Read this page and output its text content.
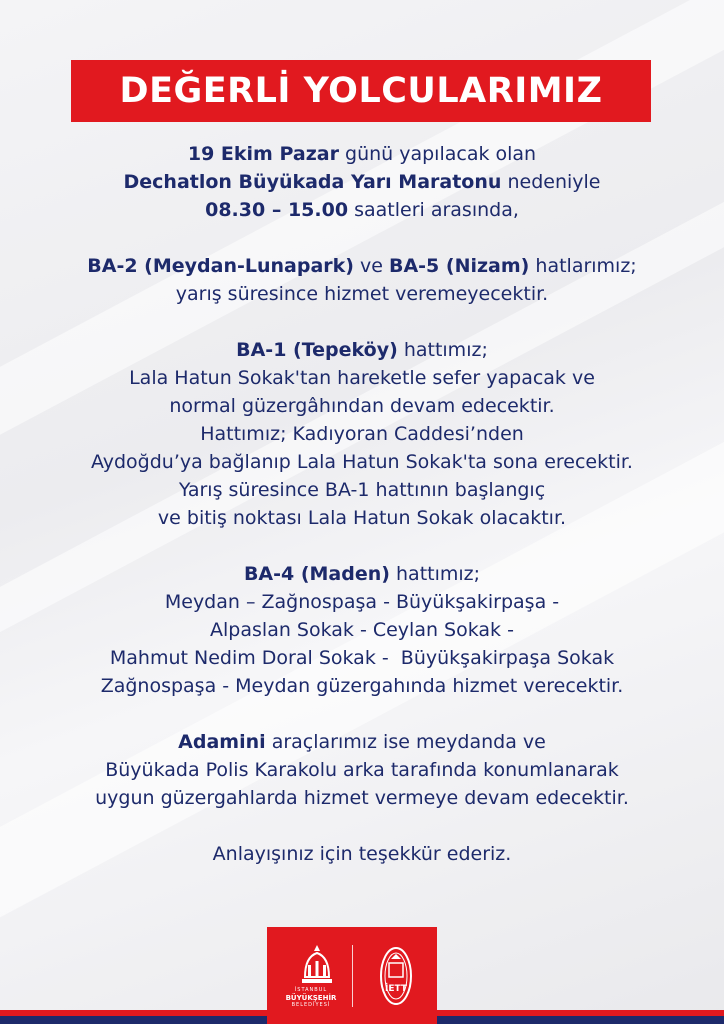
DEĞERLİ YOLCULARIMIZ
19 Ekim Pazar günü yapılacak olan
Dechatlon Büyükada Yarı Maratonu nedeniyle
08.30 – 15.00 saatleri arasında,
BA-2 (Meydan-Lunapark) ve BA-5 (Nizam) hatlarımız;
yarış süresince hizmet veremeyecektir.
BA-1 (Tepeköy) hattımız;
Lala Hatun Sokak'tan hareketle sefer yapacak ve
normal güzergâhından devam edecektir.
Hattımız; Kadıyoran Caddesi’nden
Aydoğdu’ya bağlanıp Lala Hatun Sokak'ta sona erecektir.
Yarış süresince BA-1 hattının başlangıç
ve bitiş noktası Lala Hatun Sokak olacaktır.
BA-4 (Maden) hattımız;
Meydan – Zağnospaşa - Büyükşakirpaşa -
Alpaslan Sokak - Ceylan Sokak -
Mahmut Nedim Doral Sokak -  Büyükşakirpaşa Sokak
Zağnospaşa - Meydan güzergahında hizmet verecektir.
Adamini araçlarımız ise meydanda ve
Büyükada Polis Karakolu arka tarafında konumlanarak
uygun güzergahlarda hizmet vermeye devam edecektir.
Anlayışınız için teşekkür ederiz.
İSTANBUL
BÜYÜKŞEHİR
BELEDİYESİ
İETT
